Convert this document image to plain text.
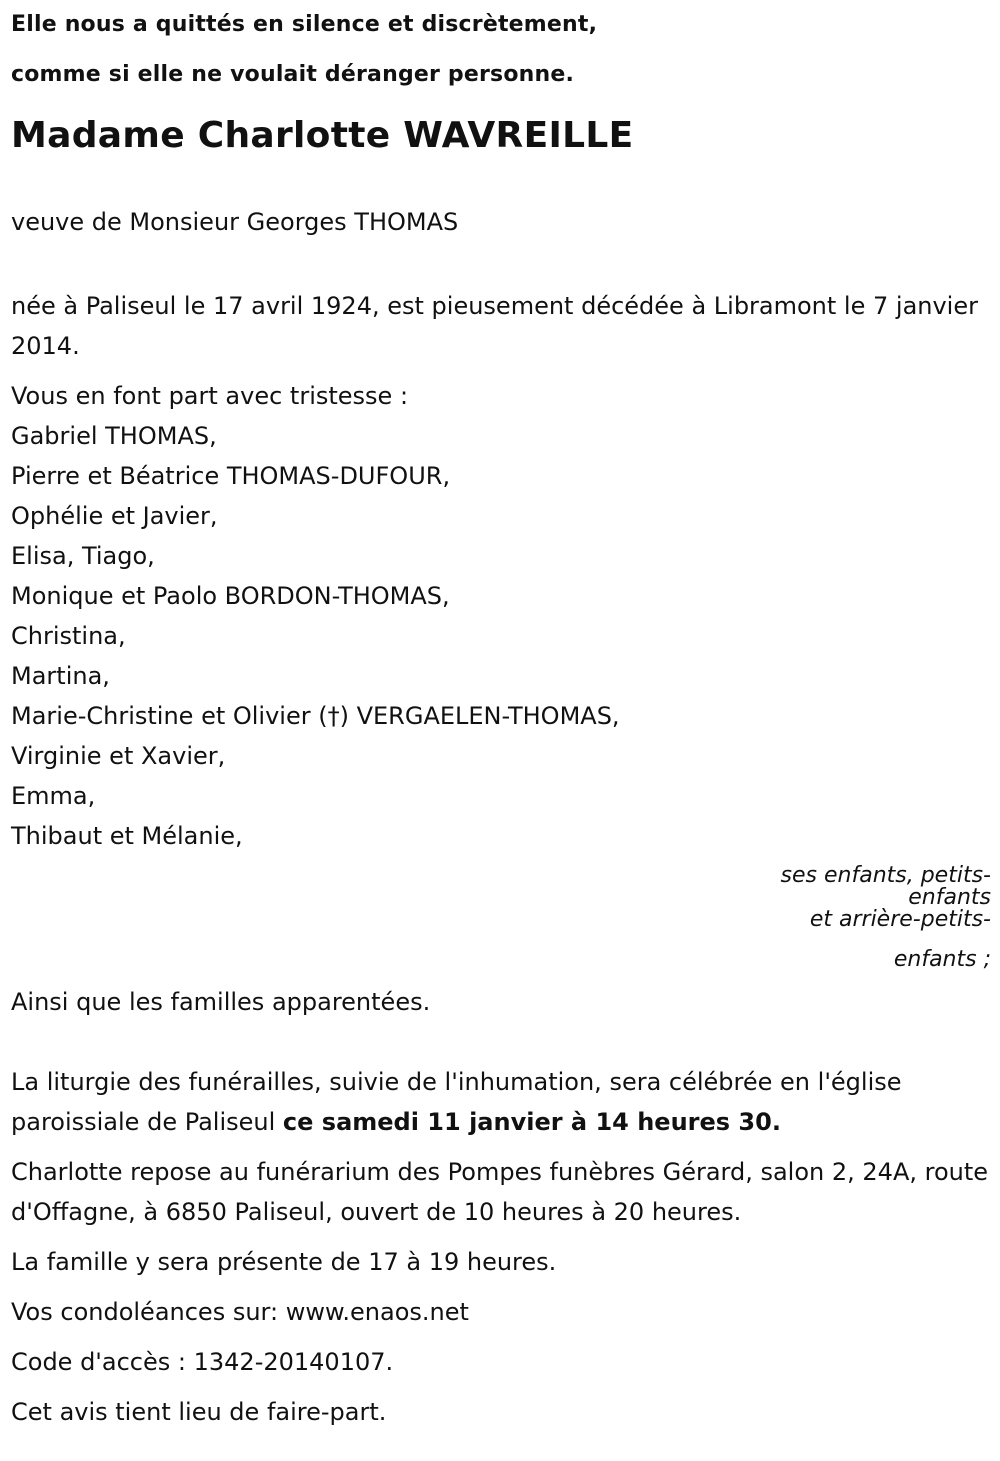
Elle nous a quittés en silence et discrètement,
comme si elle ne voulait déranger personne.
Madame Charlotte WAVREILLE
veuve de Monsieur Georges THOMAS
née à Paliseul le 17 avril 1924, est pieusement décédée à Libramont le 7 janvier 2014.
Vous en font part avec tristesse :
Gabriel THOMAS,
Pierre et Béatrice THOMAS-DUFOUR,
Ophélie et Javier,
Elisa, Tiago,
Monique et Paolo BORDON-THOMAS,
Christina,
Martina,
Marie-Christine et Olivier (†) VERGAELEN-THOMAS,
Virginie et Xavier,
Emma,
Thibaut et Mélanie,
ses enfants, petits-
enfants
et arrière-petits-
enfants ;
Ainsi que les familles apparentées.
La liturgie des funérailles, suivie de l'inhumation, sera célébrée en l'église paroissiale de Paliseul ce samedi 11 janvier à 14 heures 30.
Charlotte repose au funérarium des Pompes funèbres Gérard, salon 2, 24A, route d'Offagne, à 6850 Paliseul, ouvert de 10 heures à 20 heures.
La famille y sera présente de 17 à 19 heures.
Vos condoléances sur: www.enaos.net
Code d'accès : 1342-20140107.
Cet avis tient lieu de faire-part.
